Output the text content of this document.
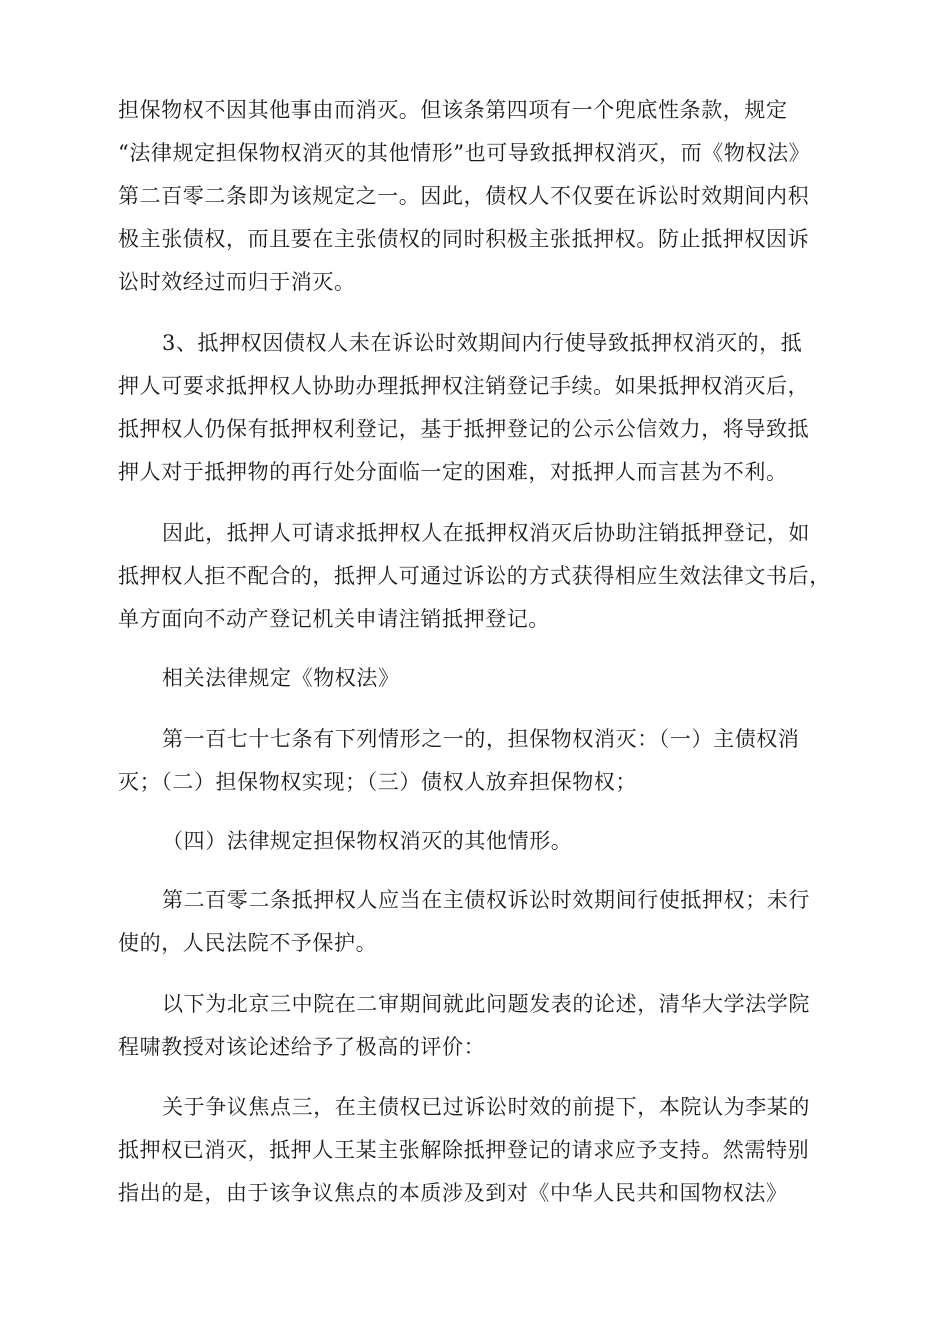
担保物权不因其他事由而消灭。但该条第四项有一个兜底性条款，规定
“法律规定担保物权消灭的其他情形”也可导致抵押权消灭，而《物权法》
第二百零二条即为该规定之一。因此，债权人不仅要在诉讼时效期间内积
极主张债权，而且要在主张债权的同时积极主张抵押权。防止抵押权因诉
讼时效经过而归于消灭。
3、抵押权因债权人未在诉讼时效期间内行使导致抵押权消灭的，抵
押人可要求抵押权人协助办理抵押权注销登记手续。如果抵押权消灭后，
抵押权人仍保有抵押权利登记，基于抵押登记的公示公信效力，将导致抵
押人对于抵押物的再行处分面临一定的困难，对抵押人而言甚为不利。
因此，抵押人可请求抵押权人在抵押权消灭后协助注销抵押登记，如
抵押权人拒不配合的，抵押人可通过诉讼的方式获得相应生效法律文书后，
单方面向不动产登记机关申请注销抵押登记。
相关法律规定《物权法》
第一百七十七条有下列情形之一的，担保物权消灭：（一）主债权消
灭；（二）担保物权实现；（三）债权人放弃担保物权；
（四）法律规定担保物权消灭的其他情形。
第二百零二条抵押权人应当在主债权诉讼时效期间行使抵押权；未行
使的，人民法院不予保护。
以下为北京三中院在二审期间就此问题发表的论述，清华大学法学院
程啸教授对该论述给予了极高的评价：
关于争议焦点三，在主债权已过诉讼时效的前提下，本院认为李某的
抵押权已消灭，抵押人王某主张解除抵押登记的请求应予支持。然需特别
指出的是，由于该争议焦点的本质涉及到对《中华人民共和国物权法》
